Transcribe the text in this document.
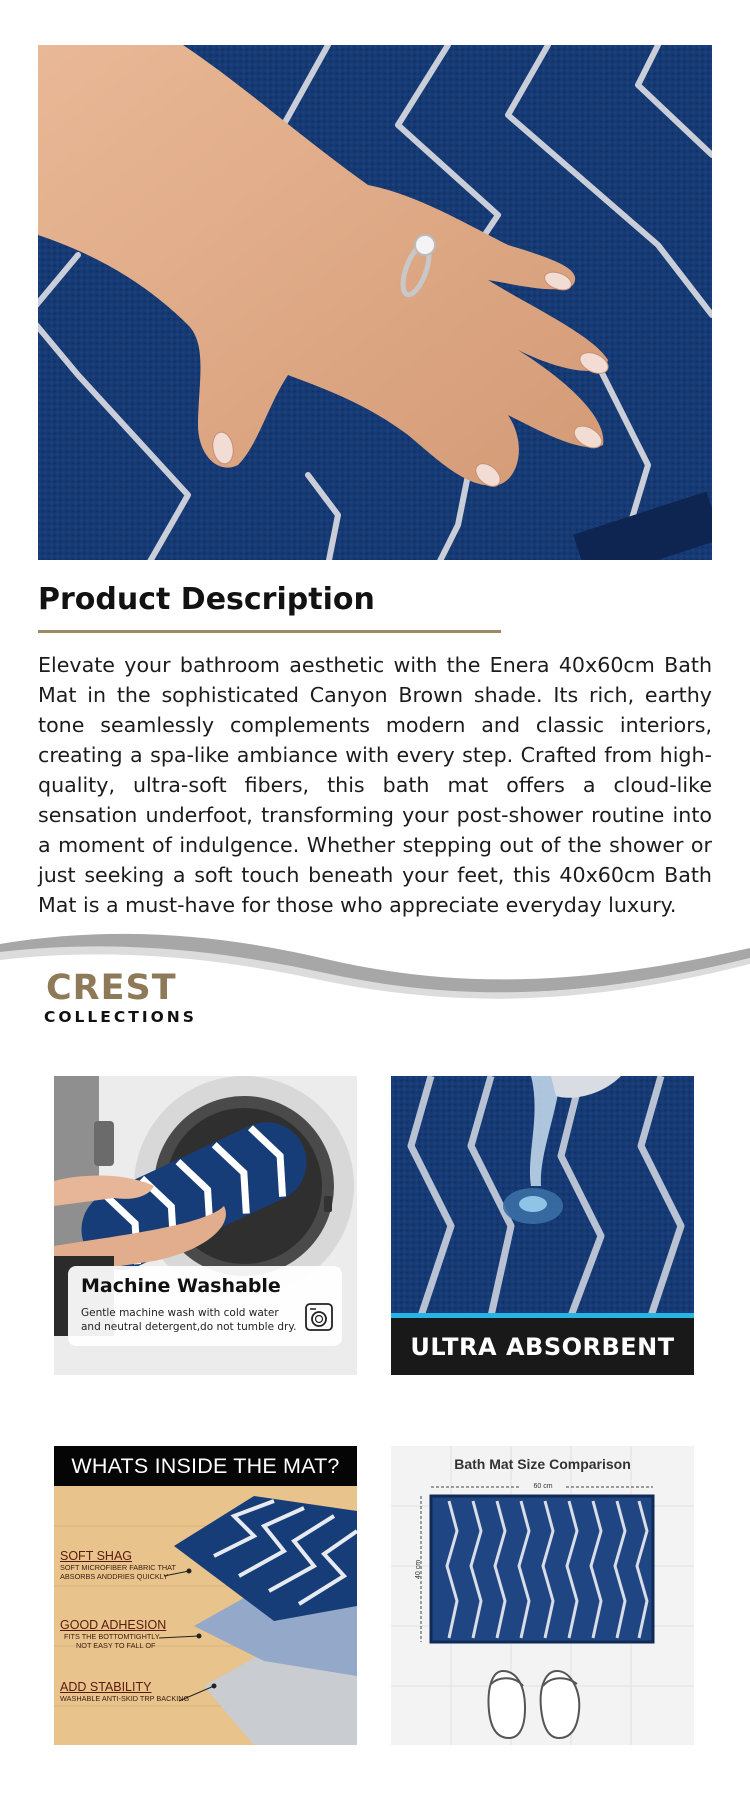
Product Description

Elevate your bathroom aesthetic with the Enera 40x60cm Bath Mat in the sophisticated Canyon Brown shade. Its rich, earthy tone seamlessly complements modern and classic interiors, creating a spa-like ambiance with every step. Crafted from high-quality, ultra-soft fibers, this bath mat offers a cloud-like sensation underfoot, transforming your post-shower routine into a moment of indulgence. Whether stepping out of the shower or just seeking a soft touch beneath your feet, this 40x60cm Bath Mat is a must-have for those who appreciate everyday luxury.

CREST
COLLECTIONS
Machine Washable
Gentle machine wash with cold water and neutral detergent,do not tumble dry.
ULTRA ABSORBENT
WHATS INSIDE THE MAT?
SOFT SHAG
SOFT MICROFIBER FABRIC THAT
ABSORBS ANDDRIES QUICKLY
GOOD ADHESION
FITS THE BOTTOMTIGHTLY
NOT EASY TO FALL OF
ADD STABILITY
WASHABLE ANTI-SKID TRP BACKING
Bath Mat Size Comparison
60 cm
40 cm
